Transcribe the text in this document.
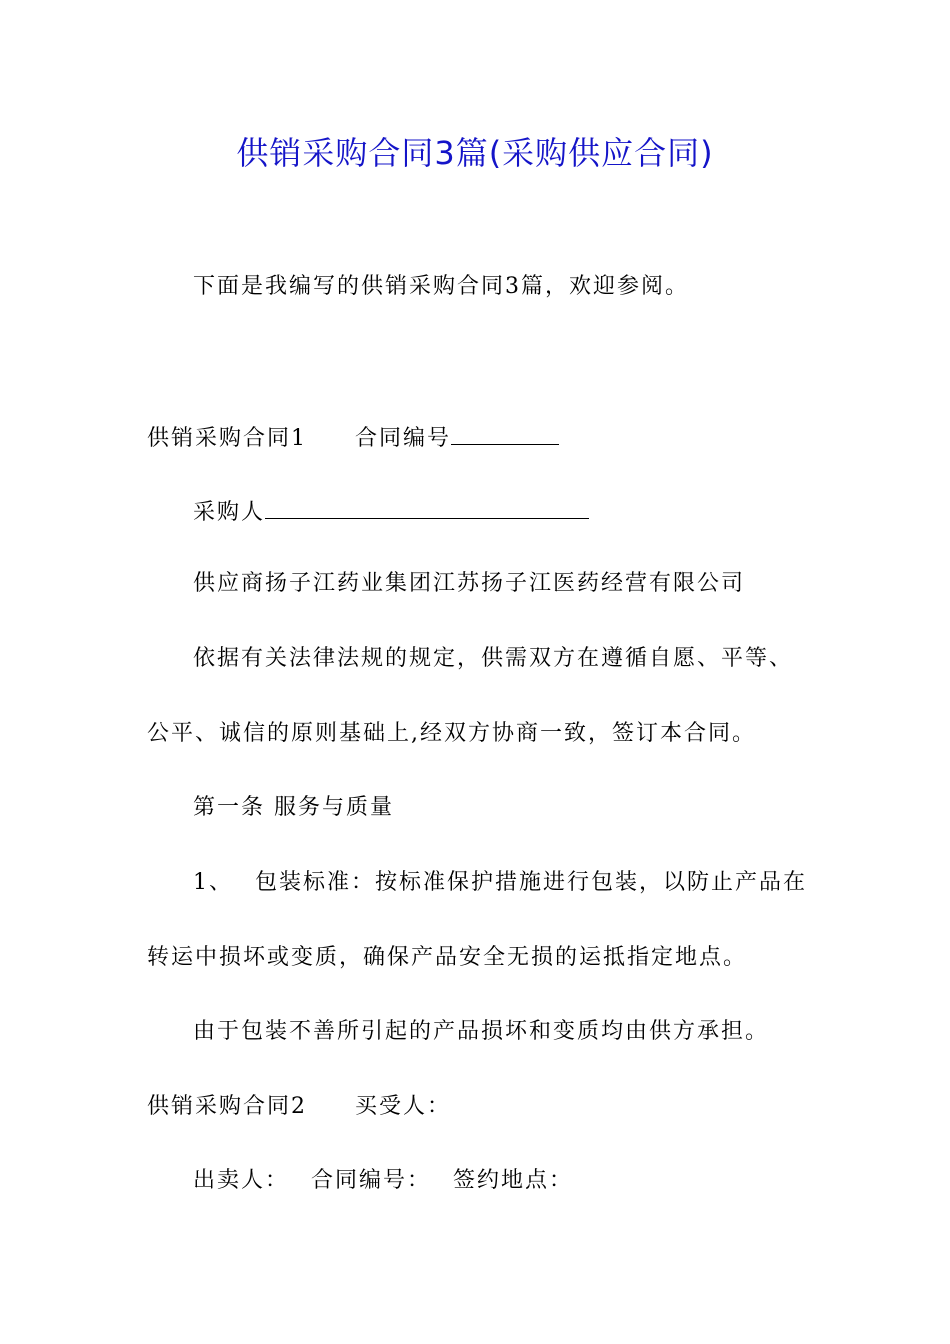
供销采购合同3篇(采购供应合同)
下面是我编写的供销采购合同3篇，欢迎参阅。
供销采购合同1 合同编号
采购人
供应商扬子江药业集团江苏扬子江医药经营有限公司
依据有关法律法规的规定，供需双方在遵循自愿、平等、
公平、诚信的原则基础上,经双方协商一致，签订本合同。
第一条 服务与质量
1、 包装标准：按标准保护措施进行包装，以防止产品在
转运中损坏或变质，确保产品安全无损的运抵指定地点。
由于包装不善所引起的产品损坏和变质均由供方承担。
供销采购合同2 买受人：
出卖人： 合同编号： 签约地点：
